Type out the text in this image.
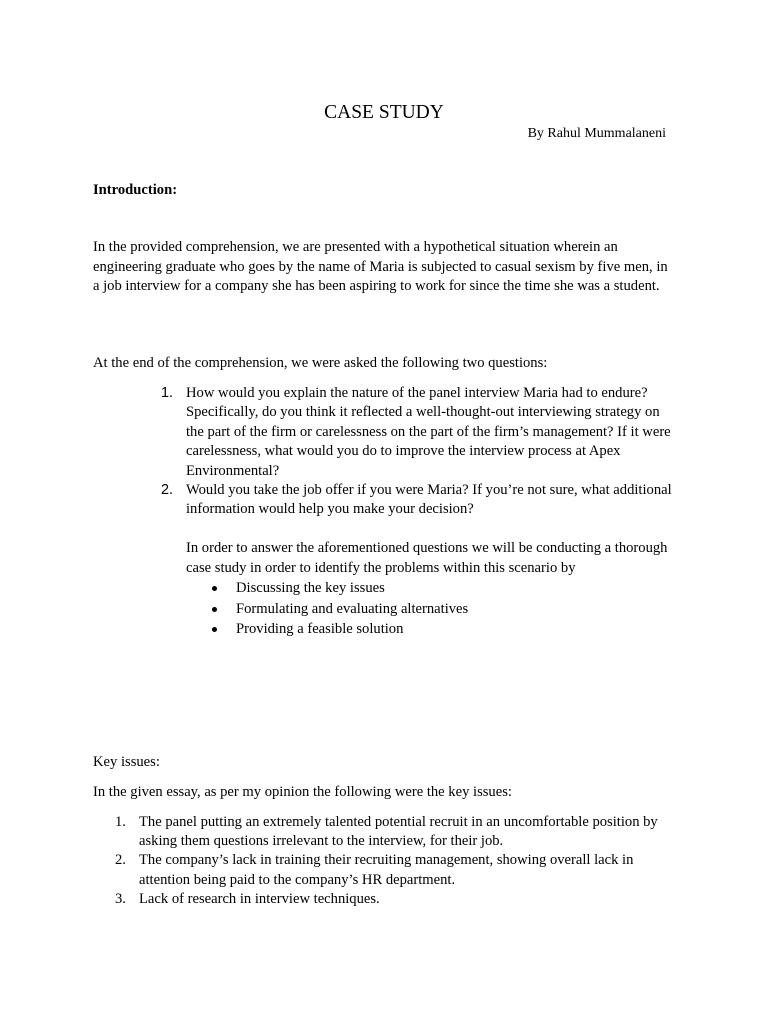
CASE STUDY
By Rahul Mummalaneni
Introduction:

In the provided comprehension, we are presented with a hypothetical situation wherein an engineering graduate who goes by the name of Maria is subjected to casual sexism by five men, in a job interview for a company she has been aspiring to work for since the time she was a student.

At the end of the comprehension, we were asked the following two questions:

1. How would you explain the nature of the panel interview Maria had to endure? Specifically, do you think it reflected a well-thought-out interviewing strategy on the part of the firm or carelessness on the part of the firm’s management? If it were carelessness, what would you do to improve the interview process at Apex Environmental?
2. Would you take the job offer if you were Maria? If you’re not sure, what additional information would help you make your decision?
In order to answer the aforementioned questions we will be conducting a thorough case study in order to identify the problems within this scenario by
Discussing the key issues
Formulating and evaluating alternatives
Providing a feasible solution
Key issues:
In the given essay, as per my opinion the following were the key issues:
1. The panel putting an extremely talented potential recruit in an uncomfortable position by asking them questions irrelevant to the interview, for their job.
2. The company’s lack in training their recruiting management, showing overall lack in attention being paid to the company’s HR department.
3. Lack of research in interview techniques.
